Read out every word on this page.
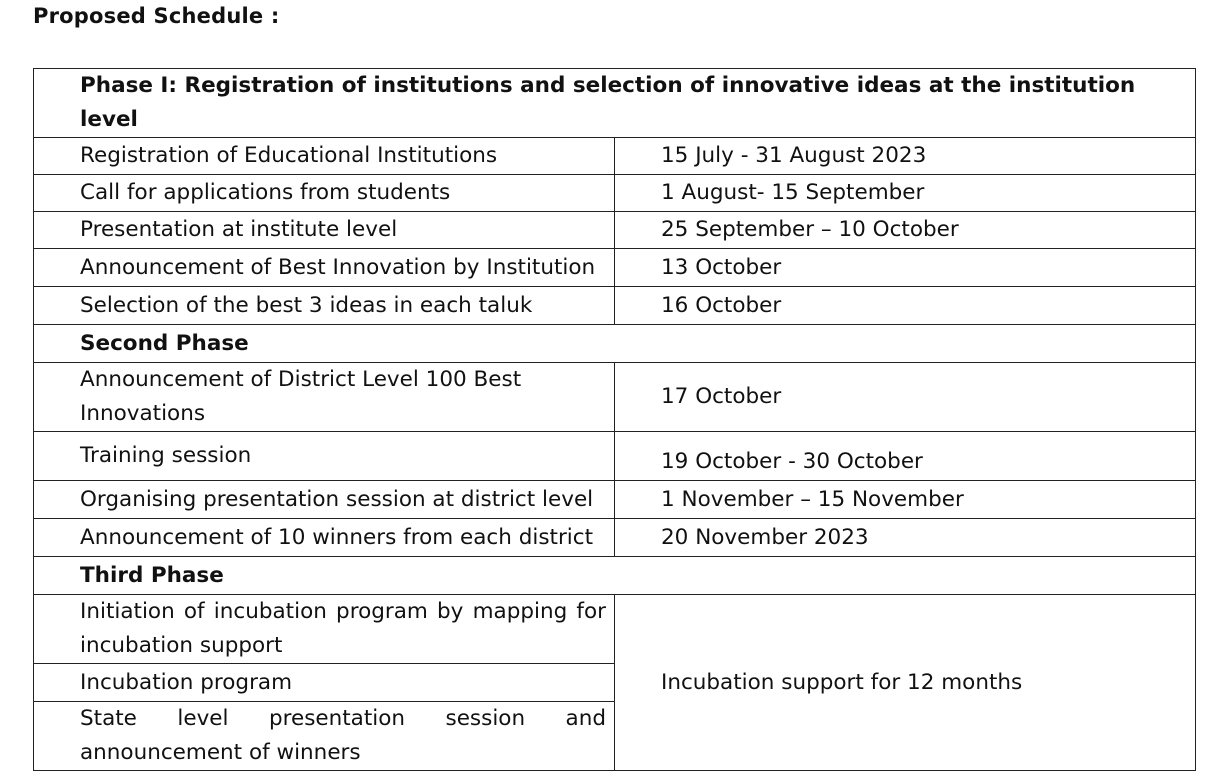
Proposed Schedule :
Phase I: Registration of institutions and selection of innovative ideas at the institution level	
Registration of Educational Institutions	15 July - 31 August 2023
Call for applications from students	1 August- 15 September
Presentation at institute level	25 September – 10 October
Announcement of Best Innovation by Institution	13 October
Selection of the best 3 ideas in each taluk	16 October
Second Phase	
Announcement of District Level 100 Best Innovations	17 October
Training session	19 October - 30 October
Organising presentation session at district level	1 November – 15 November
Announcement of 10 winners from each district	20 November 2023
Third Phase	
Initiation of incubation program by mapping for incubation support	Incubation support for 12 months
Incubation program	
State level presentation session and announcement of winners	
